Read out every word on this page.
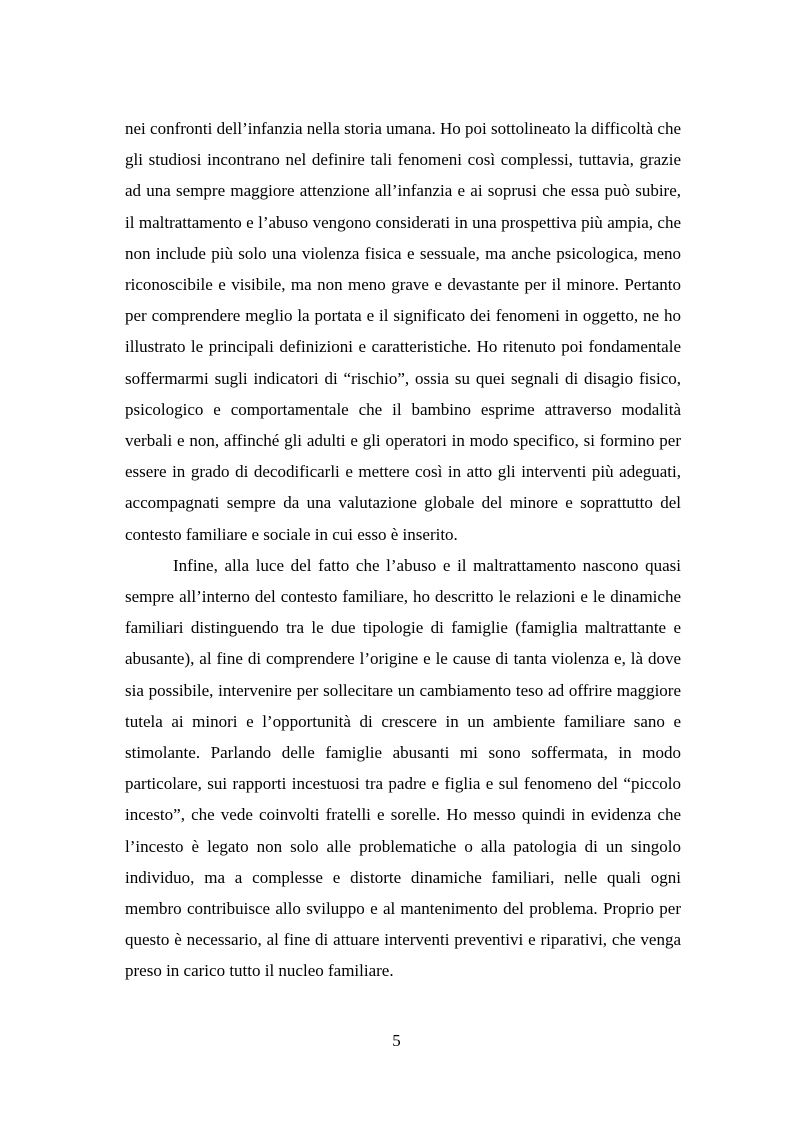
nei confronti dell’infanzia nella storia umana. Ho poi sottolineato la difficoltà che gli studiosi incontrano nel definire tali fenomeni così complessi, tuttavia, grazie ad una sempre maggiore attenzione all’infanzia e ai soprusi che essa può subire, il maltrattamento e l’abuso vengono considerati in una prospettiva più ampia, che non include più solo una violenza fisica e sessuale, ma anche psicologica, meno riconoscibile e visibile, ma non meno grave e devastante per il minore. Pertanto per comprendere meglio la portata e il significato dei fenomeni in oggetto, ne ho illustrato le principali definizioni e caratteristiche. Ho ritenuto poi fondamentale soffermarmi sugli indicatori di “rischio”, ossia su quei segnali di disagio fisico, psicologico e comportamentale che il bambino esprime attraverso modalità verbali e non, affinché gli adulti e gli operatori in modo specifico, si formino per essere in grado di decodificarli e mettere così in atto gli interventi più adeguati, accompagnati sempre da una valutazione globale del minore e soprattutto del contesto familiare e sociale in cui esso è inserito.

Infine, alla luce del fatto che l’abuso e il maltrattamento nascono quasi sempre all’interno del contesto familiare, ho descritto le relazioni e le dinamiche familiari distinguendo tra le due tipologie di famiglie (famiglia maltrattante e abusante), al fine di comprendere l’origine e le cause di tanta violenza e, là dove sia possibile, intervenire per sollecitare un cambiamento teso ad offrire maggiore tutela ai minori e l’opportunità di crescere in un ambiente familiare sano e stimolante. Parlando delle famiglie abusanti mi sono soffermata, in modo particolare, sui rapporti incestuosi tra padre e figlia e sul fenomeno del “piccolo incesto”, che vede coinvolti fratelli e sorelle. Ho messo quindi in evidenza che l’incesto è legato non solo alle problematiche o alla patologia di un singolo individuo, ma a complesse e distorte dinamiche familiari, nelle quali ogni membro contribuisce allo sviluppo e al mantenimento del problema. Proprio per questo è necessario, al fine di attuare interventi preventivi e riparativi, che venga preso in carico tutto il nucleo familiare.

5
